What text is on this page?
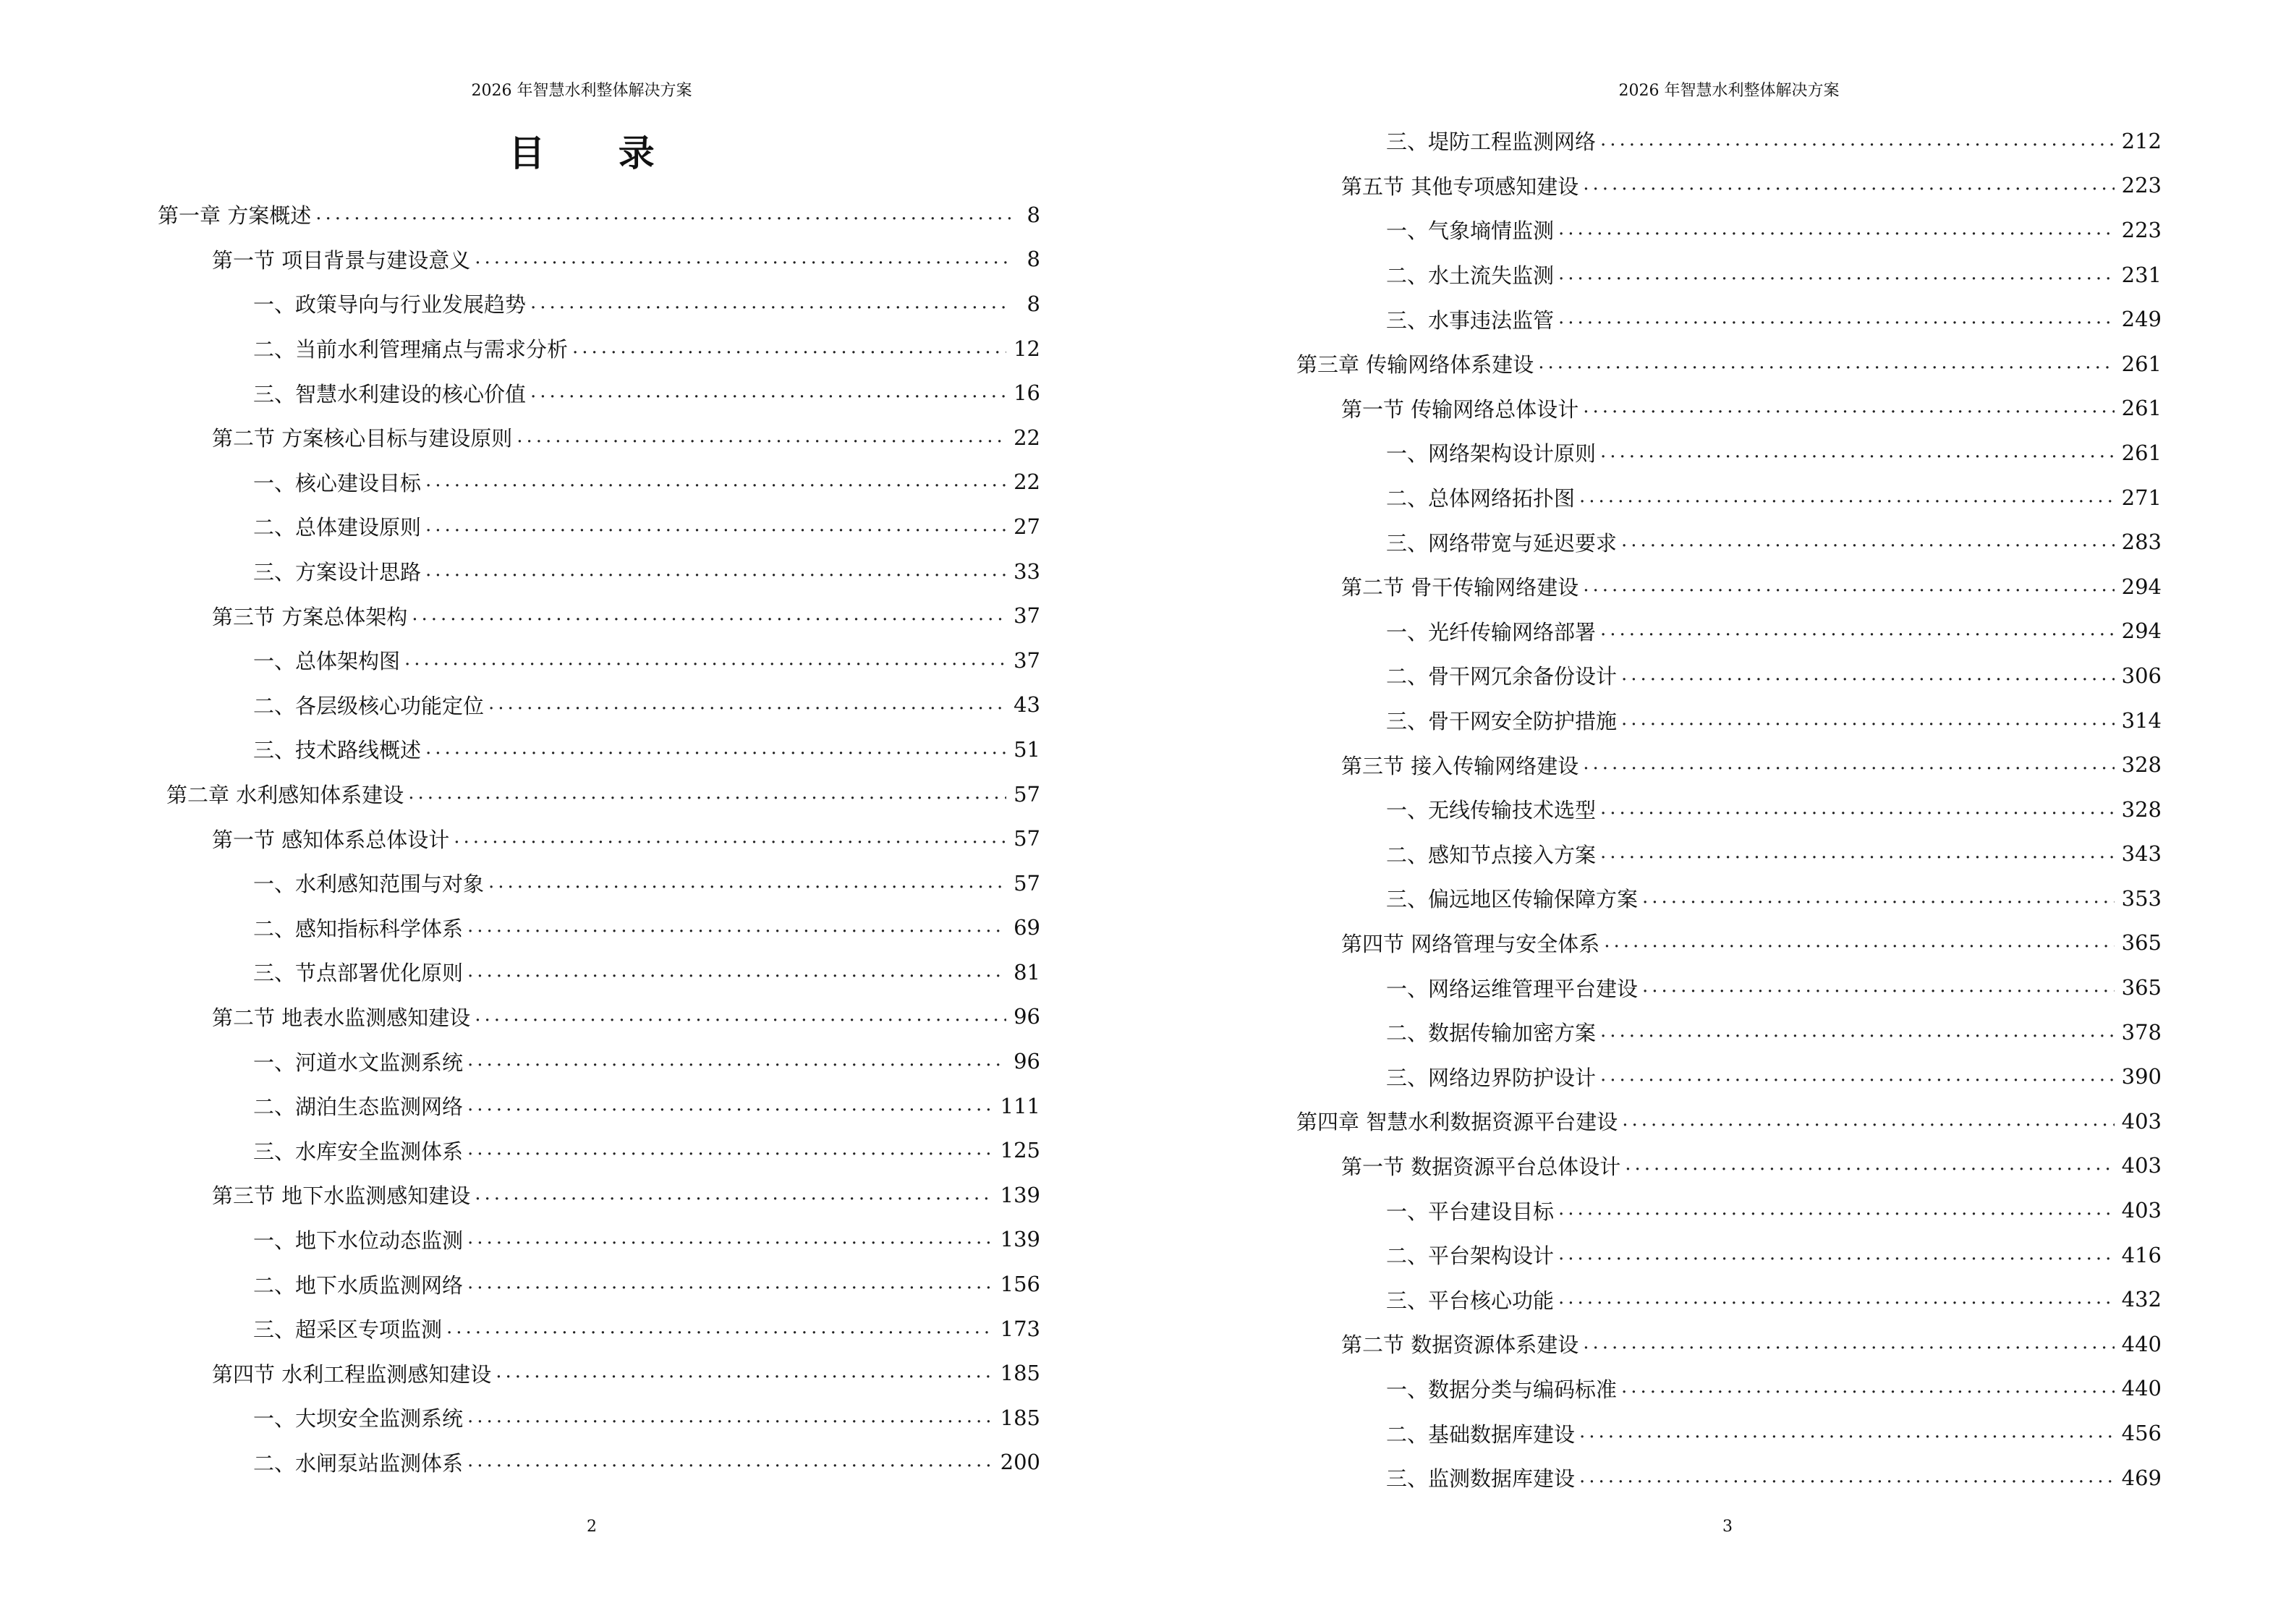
2026 年智慧水利整体解决方案
目 录
第一章 方案概述 .....	8
第一节 项目背景与建设意义 .....	8
一、政策导向与行业发展趋势 .....	8
二、当前水利管理痛点与需求分析 .....	12
三、智慧水利建设的核心价值 .....	16
第二节 方案核心目标与建设原则 .....	22
一、核心建设目标 .....	22
二、总体建设原则 .....	27
三、方案设计思路 .....	33
第三节 方案总体架构 .....	37
一、总体架构图 .....	37
二、各层级核心功能定位 .....	43
三、技术路线概述 .....	51
第二章 水利感知体系建设 .....	57
第一节 感知体系总体设计 .....	57
一、水利感知范围与对象 .....	57
二、感知指标科学体系 .....	69
三、节点部署优化原则 .....	81
第二节 地表水监测感知建设 .....	96
一、河道水文监测系统 .....	96
二、湖泊生态监测网络 .....	111
三、水库安全监测体系 .....	125
第三节 地下水监测感知建设 .....	139
一、地下水位动态监测 .....	139
二、地下水质监测网络 .....	156
三、超采区专项监测 .....	173
第四节 水利工程监测感知建设 .....	185
一、大坝安全监测系统 .....	185
二、水闸泵站监测体系 .....	200
2
2026 年智慧水利整体解决方案
三、堤防工程监测网络 .....	212
第五节 其他专项感知建设 .....	223
一、气象墒情监测 .....	223
二、水土流失监测 .....	231
三、水事违法监管 .....	249
第三章 传输网络体系建设 .....	261
第一节 传输网络总体设计 .....	261
一、网络架构设计原则 .....	261
二、总体网络拓扑图 .....	271
三、网络带宽与延迟要求 .....	283
第二节 骨干传输网络建设 .....	294
一、光纤传输网络部署 .....	294
二、骨干网冗余备份设计 .....	306
三、骨干网安全防护措施 .....	314
第三节 接入传输网络建设 .....	328
一、无线传输技术选型 .....	328
二、感知节点接入方案 .....	343
三、偏远地区传输保障方案 .....	353
第四节 网络管理与安全体系 .....	365
一、网络运维管理平台建设 .....	365
二、数据传输加密方案 .....	378
三、网络边界防护设计 .....	390
第四章 智慧水利数据资源平台建设 .....	403
第一节 数据资源平台总体设计 .....	403
一、平台建设目标 .....	403
二、平台架构设计 .....	416
三、平台核心功能 .....	432
第二节 数据资源体系建设 .....	440
一、数据分类与编码标准 .....	440
二、基础数据库建设 .....	456
三、监测数据库建设 .....	469
3
